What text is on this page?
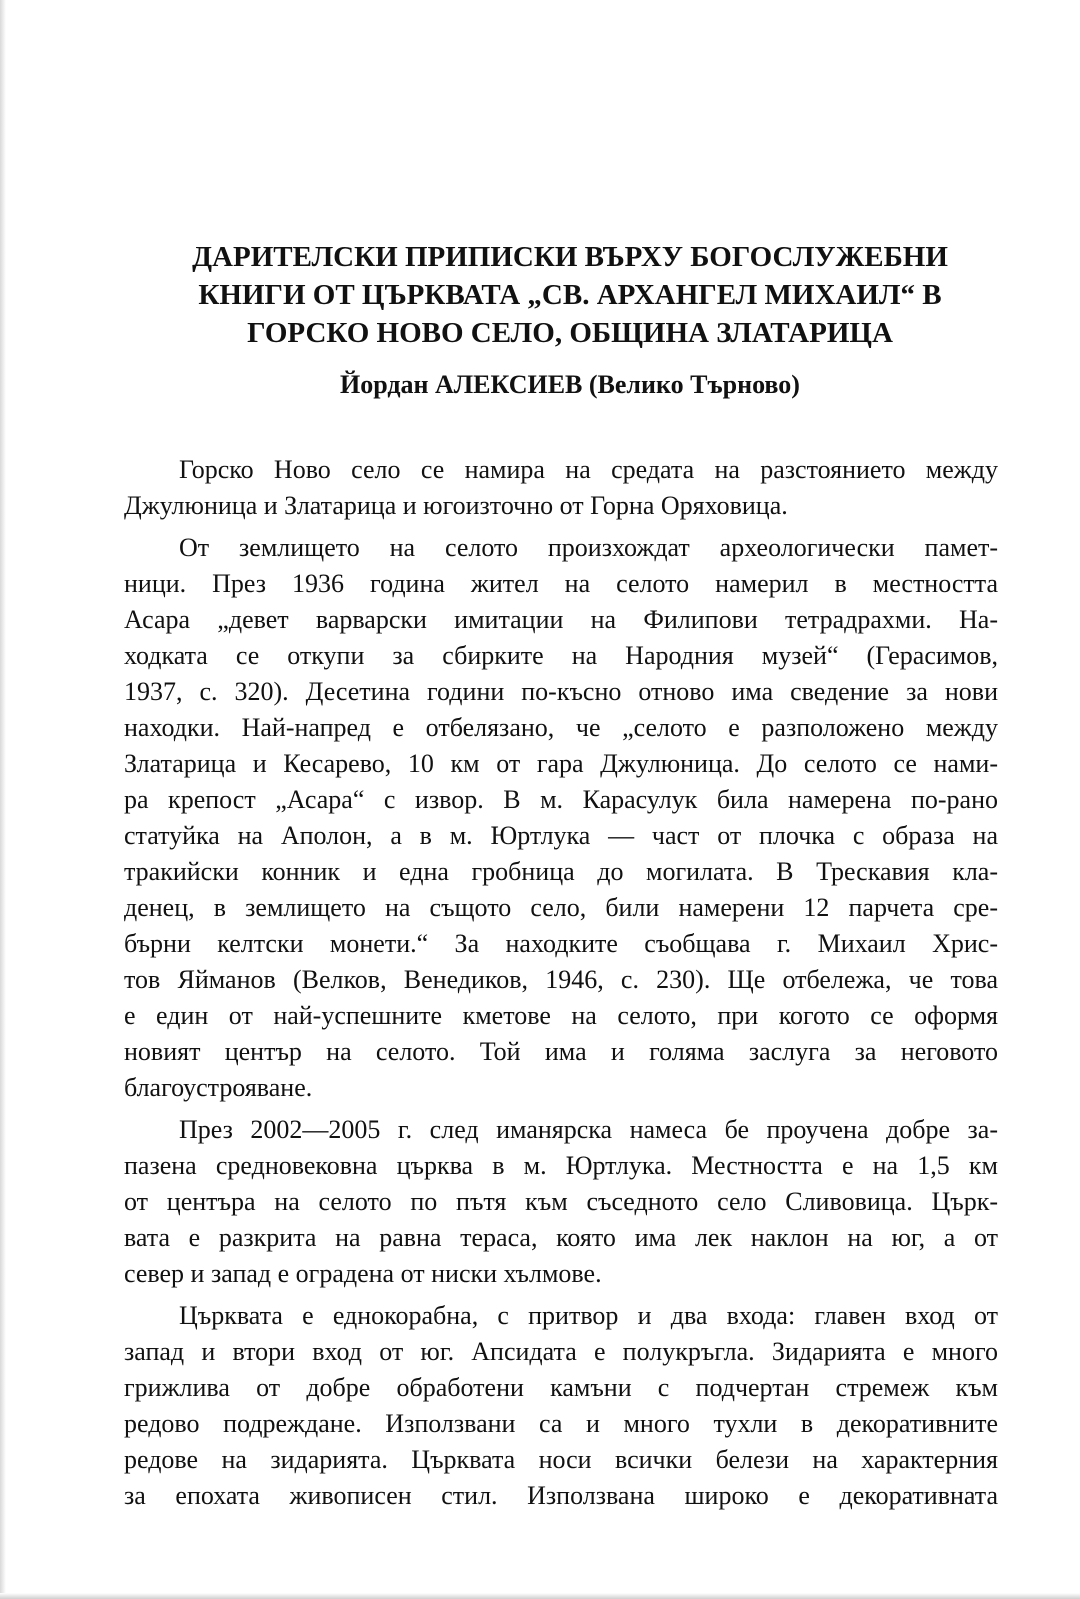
ДАРИТЕЛСКИ ПРИПИСКИ ВЪРХУ БОГОСЛУЖЕБНИ
КНИГИ ОТ ЦЪРКВАТА „СВ. АРХАНГЕЛ МИХАИЛ“ В
ГОРСКО НОВО СЕЛО, ОБЩИНА ЗЛАТАРИЦА
Йордан АЛЕКСИЕВ (Велико Търново)
Горско Ново село се намира на средата на разстоянието между
Джулюница и Златарица и югоизточно от Горна Оряховица.
От землището на селото произхождат археологически памет-
ници. През 1936 година жител на селото намерил в местността
Асара „девет варварски имитации на Филипови тетрадрахми. На-
ходката се откупи за сбирките на Народния музей“ (Герасимов,
1937, с. 320). Десетина години по-късно отново има сведение за нови
находки. Най-напред е отбелязано, че „селото е разположено между
Златарица и Кесарево, 10 км от гара Джулюница. До селото се нами-
ра крепост „Асара“ с извор. В м. Карасулук била намерена по-рано
статуйка на Аполон, а в м. Юртлука — част от плочка с образа на
тракийски конник и една гробница до могилата. В Трескавия кла-
денец, в землището на същото село, били намерени 12 парчета сре-
бърни келтски монети.“ За находките съобщава г. Михаил Хрис-
тов Яйманов (Велков, Венедиков, 1946, с. 230). Ще отбележа, че това
е един от най-успешните кметове на селото, при когото се оформя
новият център на селото. Той има и голяма заслуга за неговото
благоустрояване.
През 2002—2005 г. след иманярска намеса бе проучена добре за-
пазена средновековна църква в м. Юртлука. Местността е на 1,5 км
от центъра на селото по пътя към съседното село Сливовица. Църк-
вата е разкрита на равна тераса, която има лек наклон на юг, а от
север и запад е оградена от ниски хълмове.
Църквата е еднокорабна, с притвор и два входа: главен вход от
запад и втори вход от юг. Апсидата е полукръгла. Зидарията е много
грижлива от добре обработени камъни с подчертан стремеж към
редово подреждане. Използвани са и много тухли в декоративните
редове на зидарията. Църквата носи всички белези на характерния
за епохата живописен стил. Използвана широко е декоративната
